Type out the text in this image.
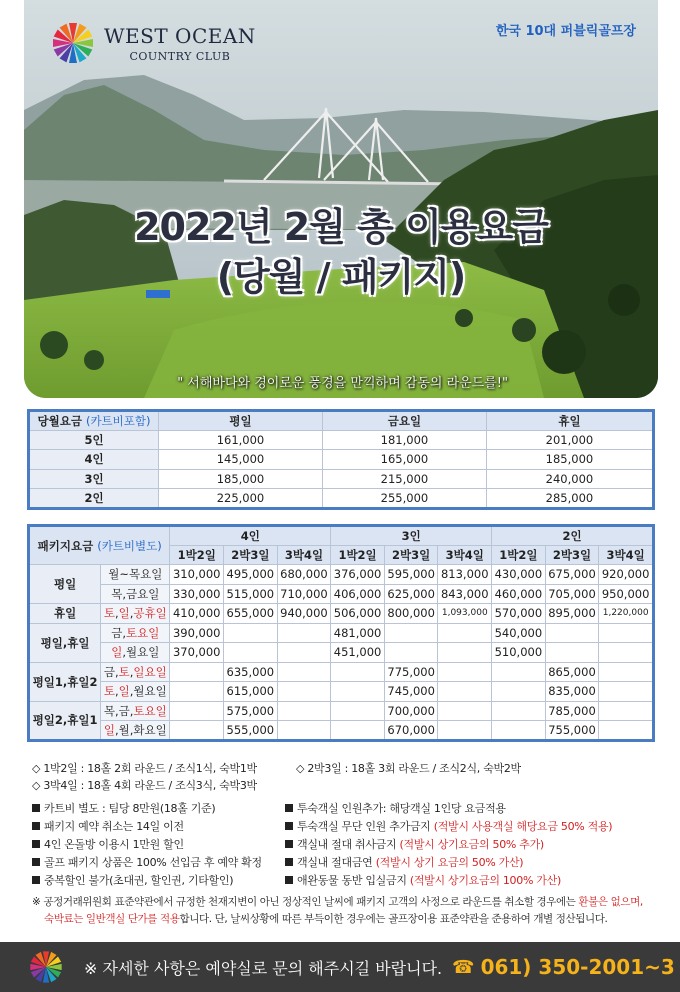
WEST OCEAN
COUNTRY CLUB
한국 10대 퍼블릭골프장
2022년 2월 총 이용요금
(당월 / 패키지)
" 서해바다와 경이로운 풍경을 만끽하며 감동의 라운드를!"
당월요금 (카트비포함)	평일	금요일	휴일
5인	161,000	181,000	201,000
4인	145,000	165,000	185,000
3인	185,000	215,000	240,000
2인	225,000	255,000	285,000
패키지요금 (카트비별도)		4인			3인			2인		
		1박2일	2박3일	3박4일	1박2일	2박3일	3박4일	1박2일	2박3일	3박4일
평일	월~목요일	310,000	495,000	680,000	376,000	595,000	813,000	430,000	675,000	920,000
	목,금요일	330,000	515,000	710,000	406,000	625,000	843,000	460,000	705,000	950,000
휴일	토,일,공휴일	410,000	655,000	940,000	506,000	800,000	1,093,000	570,000	895,000	1,220,000
평일,휴일	금,토요일	390,000			481,000			540,000		
	일,월요일	370,000			451,000			510,000		
평일1,휴일2	금,토,일요일		635,000			775,000			865,000	
	토,일,월요일		615,000			745,000			835,000	
평일2,휴일1	목,금,토요일		575,000			700,000			785,000	
	일,월,화요일		555,000			670,000			755,000	
◇ 1박2일 : 18홀 2회 라운드 / 조식1식, 숙박1박	◇ 2박3일 : 18홀 3회 라운드 / 조식2식, 숙박2박
◇ 3박4일 : 18홀 4회 라운드 / 조식3식, 숙박3박
카트비 별도 : 팀당 8만원(18홀 기준)
패키지 예약 취소는 14일 이전
4인 온돌방 이용시 1만원 할인
골프 패키지 상품은 100% 선입금 후 예약 확정
중복할인 불가(초대권, 할인권, 기타할인)
투숙객실 인원추가: 해당객실 1인당 요금적용
투숙객실 무단 인원 추가금지 (적발시 사용객실 해당요금 50% 적용)
객실내 절대 취사금지 (적발시 상기요금의 50% 추가)
객실내 절대금연 (적발시 상기 요금의 50% 가산)
애완동물 동반 입실금지 (적발시 상기요금의 100% 가산)
※ 공정거래위원회 표준약관에서 규정한 천재지변이 아닌 정상적인 날씨에 패키지 고객의 사정으로 라운드를 취소할 경우에는 환불은 없으며,
숙박료는 일반객실 단가를 적용합니다. 단, 날씨상황에 따른 부득이한 경우에는 골프장이용 표준약관을 준용하여 개별 정산됩니다.
※ 자세한 사항은 예약실로 문의 해주시길 바랍니다. ☎ 061) 350-2001~3
